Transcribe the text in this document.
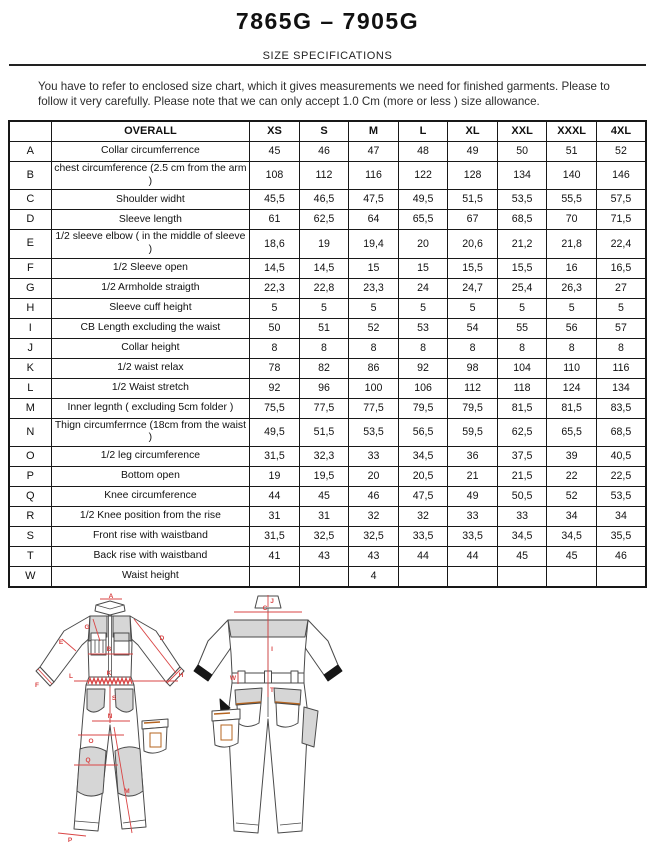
7865G – 7905G
SIZE SPECIFICATIONS

You have to refer to enclosed size chart, which it gives measurements we need for finished garments. Please to follow it very carefully. Please note that we can only accept 1.0 Cm (more or less ) size allowance.

	OVERALL	XS	S	M	L	XL	XXL	XXXL	4XL
A	Collar circumferrence	45	46	47	48	49	50	51	52
B	chest circumference (2.5 cm from the arm )	108	112	116	122	128	134	140	146
C	Shoulder widht	45,5	46,5	47,5	49,5	51,5	53,5	55,5	57,5
D	Sleeve length	61	62,5	64	65,5	67	68,5	70	71,5
E	1/2 sleeve elbow ( in the middle of sleeve )	18,6	19	19,4	20	20,6	21,2	21,8	22,4
F	1/2 Sleeve open	14,5	14,5	15	15	15,5	15,5	16	16,5
G	1/2 Armholde straigth	22,3	22,8	23,3	24	24,7	25,4	26,3	27
H	Sleeve cuff height	5	5	5	5	5	5	5	5
I	CB Length excluding the waist	50	51	52	53	54	55	56	57
J	Collar height	8	8	8	8	8	8	8	8
K	1/2 waist relax	78	82	86	92	98	104	110	116
L	1/2 Waist stretch	92	96	100	106	112	118	124	134
M	Inner legnth ( excluding 5cm folder )	75,5	77,5	77,5	79,5	79,5	81,5	81,5	83,5
N	Thign circumferrnce (18cm from the waist )	49,5	51,5	53,5	56,5	59,5	62,5	65,5	68,5
O	1/2 leg circumference	31,5	32,3	33	34,5	36	37,5	39	40,5
P	Bottom open	19	19,5	20	20,5	21	21,5	22	22,5
Q	Knee circumference	44	45	46	47,5	49	50,5	52	53,5
R	1/2 Knee position from the rise	31	31	32	32	33	33	34	34
S	Front rise with waistband	31,5	32,5	32,5	33,5	33,5	34,5	34,5	35,5
T	Back rise with waistband	41	43	43	44	44	45	45	46
W	Waist height			4					
A
G
D
E
B
F
K
L	H
S
N
O
Q
M
P
J
C
I
W
T
